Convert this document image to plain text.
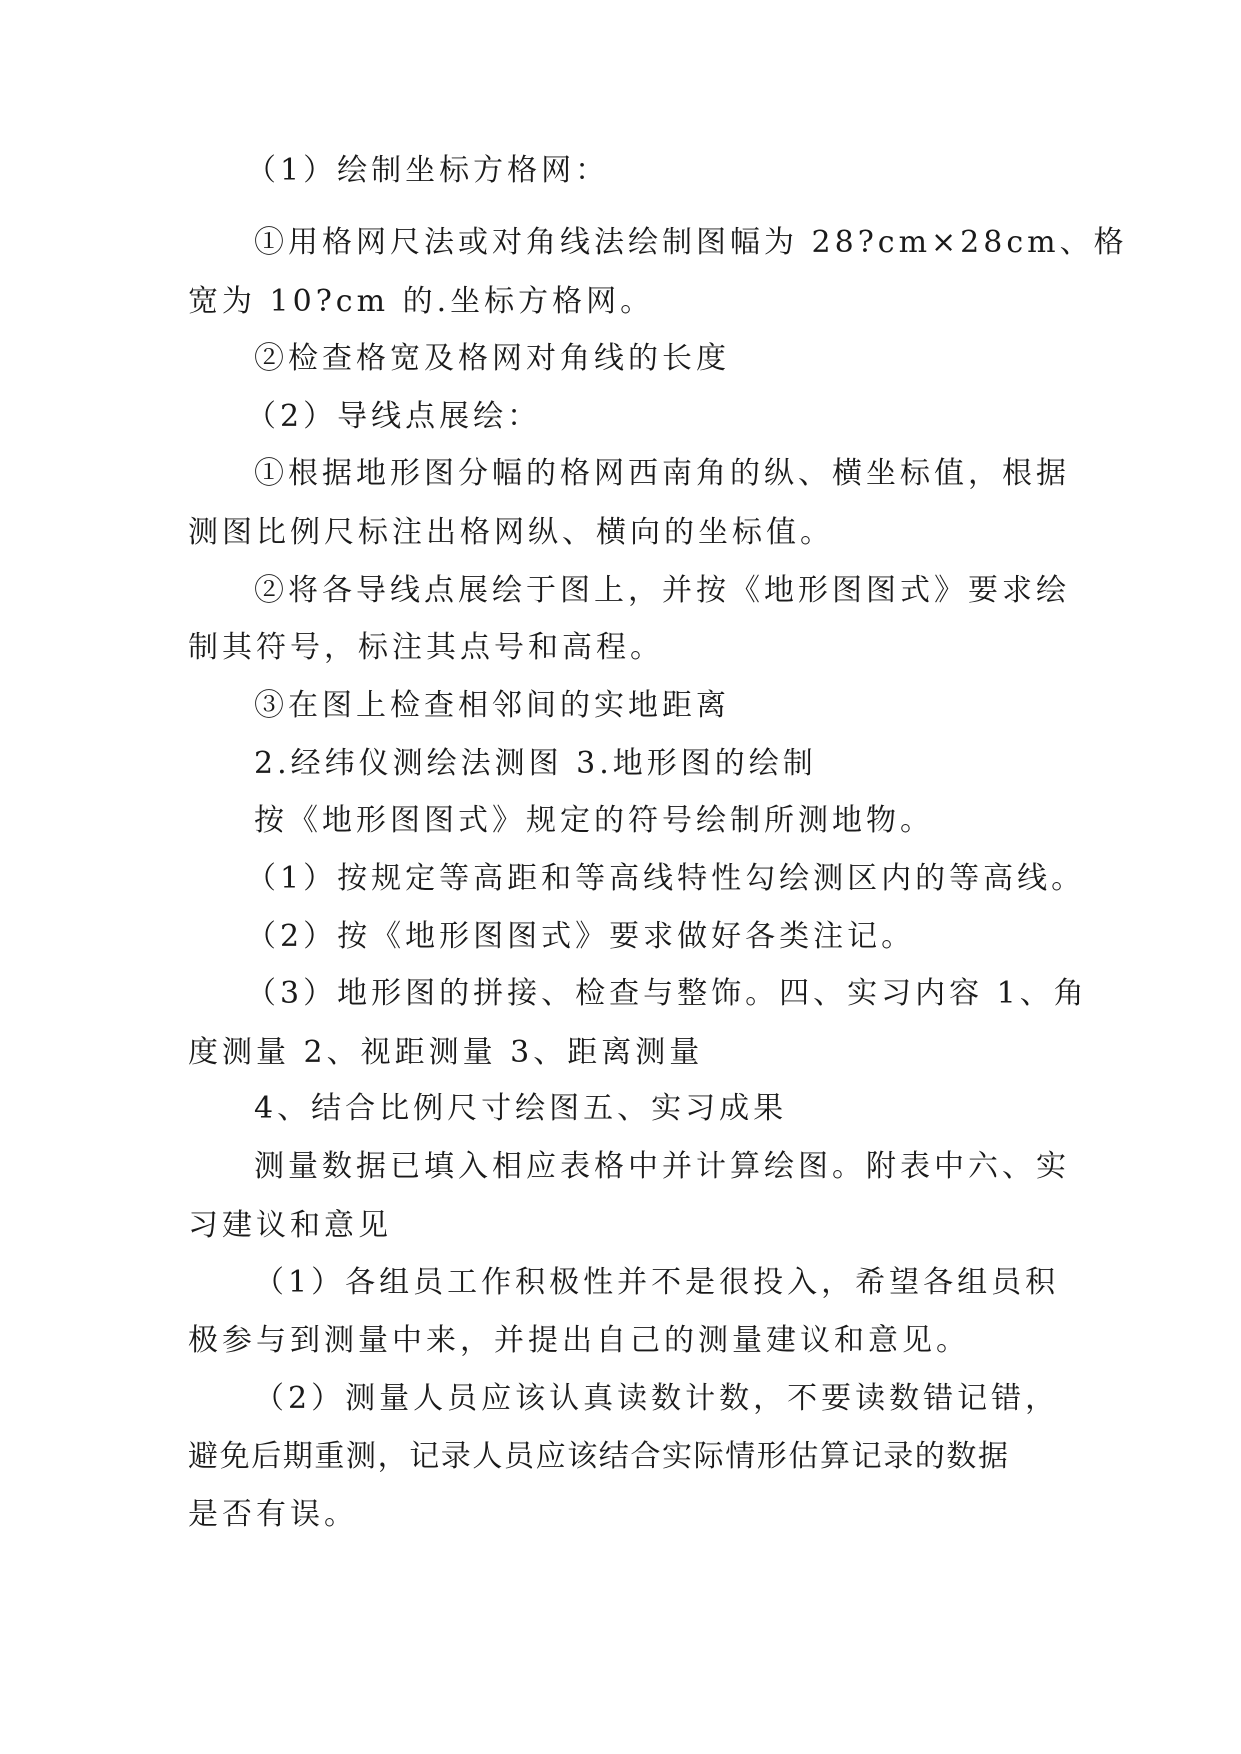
（1）绘制坐标方格网：
①用格网尺法或对角线法绘制图幅为 28?cm×28cm、格
宽为 10?cm 的.坐标方格网。
②检查格宽及格网对角线的长度
（2）导线点展绘：
①根据地形图分幅的格网西南角的纵、横坐标值，根据
测图比例尺标注出格网纵、横向的坐标值。
②将各导线点展绘于图上，并按《地形图图式》要求绘
制其符号，标注其点号和高程。
③在图上检查相邻间的实地距离
2.经纬仪测绘法测图 3.地形图的绘制
按《地形图图式》规定的符号绘制所测地物。
（1）按规定等高距和等高线特性勾绘测区内的等高线。
（2）按《地形图图式》要求做好各类注记。
（3）地形图的拼接、检查与整饰。四、实习内容 1、角
度测量 2、视距测量 3、距离测量
4、结合比例尺寸绘图五、实习成果
测量数据已填入相应表格中并计算绘图。附表中六、实
习建议和意见
（1）各组员工作积极性并不是很投入，希望各组员积
极参与到测量中来，并提出自己的测量建议和意见。
（2）测量人员应该认真读数计数，不要读数错记错，
避免后期重测，记录人员应该结合实际情形估算记录的数据
是否有误。
